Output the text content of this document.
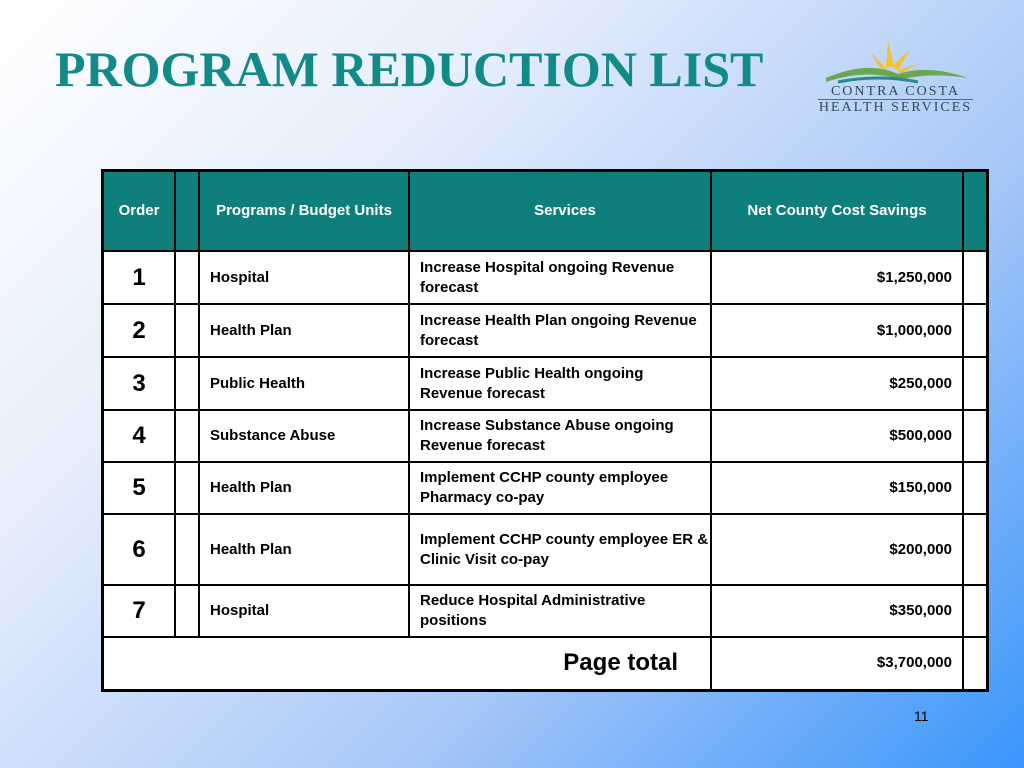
PROGRAM REDUCTION LIST	CONTRA COSTA
HEALTH SERVICES
Order		Programs / Budget Units	Services	Net County Cost Savings	
1		Hospital	Increase Hospital ongoing Revenue forecast	$1,250,000	
2		Health Plan	Increase Health Plan ongoing Revenue forecast	$1,000,000	
3		Public Health	Increase Public Health ongoing Revenue forecast	$250,000	
4		Substance Abuse	Increase Substance Abuse ongoing Revenue forecast	$500,000	
5		Health Plan	Implement CCHP county employee Pharmacy co-pay	$150,000	
6		Health Plan	Implement CCHP county employee ER & Clinic Visit co-pay	$200,000	
7		Hospital	Reduce Hospital Administrative positions	$350,000	
Page total				$3,700,000	
11
